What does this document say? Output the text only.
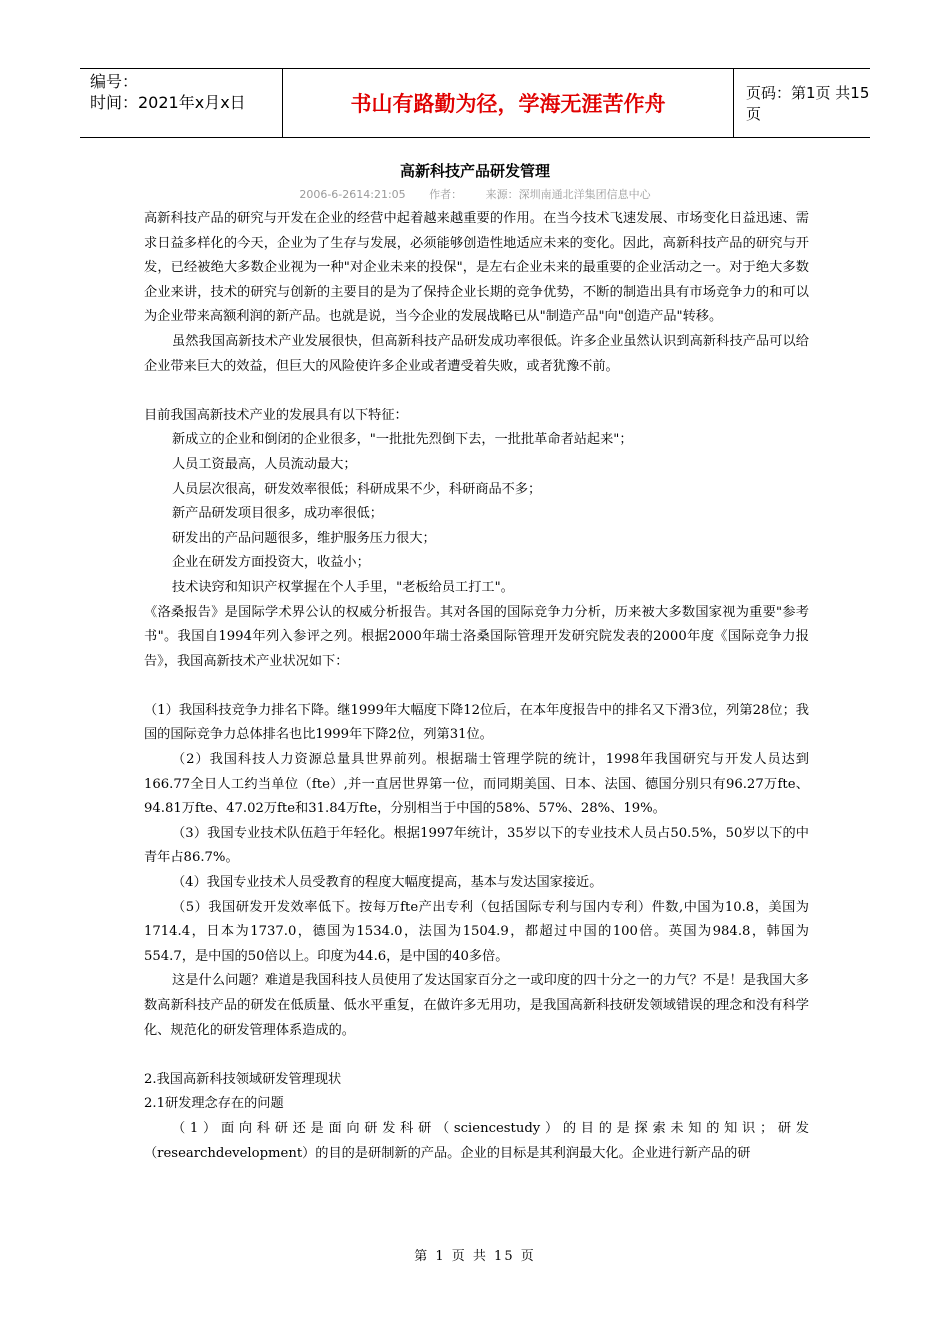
编号：
时间：2021年x月x日	书山有路勤为径，学海无涯苦作舟	页码：第1页 共15页
高新科技产品研发管理
2006-6-2614:21:05 作者： 来源：深圳南通北洋集团信息中心

高新科技产品的研究与开发在企业的经营中起着越来越重要的作用。在当今技术飞速发展、市场变化日益迅速、需求日益多样化的今天，企业为了生存与发展，必须能够创造性地适应未来的变化。因此，高新科技产品的研究与开发，已经被绝大多数企业视为一种"对企业未来的投保"，是左右企业未来的最重要的企业活动之一。对于绝大多数企业来讲，技术的研究与创新的主要目的是为了保持企业长期的竞争优势，不断的制造出具有市场竞争力的和可以为企业带来高额利润的新产品。也就是说，当今企业的发展战略已从"制造产品"向"创造产品"转移。

虽然我国高新技术产业发展很快，但高新科技产品研发成功率很低。许多企业虽然认识到高新科技产品可以给企业带来巨大的效益，但巨大的风险使许多企业或者遭受着失败，或者犹豫不前。

目前我国高新技术产业的发展具有以下特征：

新成立的企业和倒闭的企业很多，"一批批先烈倒下去，一批批革命者站起来"；

人员工资最高，人员流动最大；

人员层次很高，研发效率很低；科研成果不少，科研商品不多；

新产品研发项目很多，成功率很低；

研发出的产品问题很多，维护服务压力很大；

企业在研发方面投资大，收益小；

技术诀窍和知识产权掌握在个人手里，"老板给员工打工"。

《洛桑报告》是国际学术界公认的权威分析报告。其对各国的国际竞争力分析，历来被大多数国家视为重要"参考书"。我国自1994年列入参评之列。根据2000年瑞士洛桑国际管理开发研究院发表的2000年度《国际竞争力报告》，我国高新技术产业状况如下：

（1）我国科技竞争力排名下降。继1999年大幅度下降12位后，在本年度报告中的排名又下滑3位，列第28位；我国的国际竞争力总体排名也比1999年下降2位，列第31位。

（2）我国科技人力资源总量具世界前列。根据瑞士管理学院的统计，1998年我国研究与开发人员达到166.77全日人工约当单位（fte）,并一直居世界第一位，而同期美国、日本、法国、德国分别只有96.27万fte、94.81万fte、47.02万fte和31.84万fte，分别相当于中国的58%、57%、28%、19%。

（3）我国专业技术队伍趋于年轻化。根据1997年统计，35岁以下的专业技术人员占50.5%，50岁以下的中青年占86.7%。

（4）我国专业技术人员受教育的程度大幅度提高，基本与发达国家接近。

（5）我国研发开发效率低下。按每万fte产出专利（包括国际专利与国内专利）件数,中国为10.8，美国为1714.4，日本为1737.0，德国为1534.0，法国为1504.9，都超过中国的100倍。英国为984.8，韩国为554.7，是中国的50倍以上。印度为44.6，是中国的40多倍。

这是什么问题？难道是我国科技人员使用了发达国家百分之一或印度的四十分之一的力气？不是！是我国大多数高新科技产品的研发在低质量、低水平重复，在做许多无用功，是我国高新科技研发领域错误的理念和没有科学化、规范化的研发管理体系造成的。

2.我国高新科技领域研发管理现状

2.1研发理念存在的问题

（1）面向科研还是面向研发科研（sciencestudy）的目的是探索未知的知识；研发（researchdevelopment）的目的是研制新的产品。企业的目标是其利润最大化。企业进行新产品的研

第 1 页 共 15 页
